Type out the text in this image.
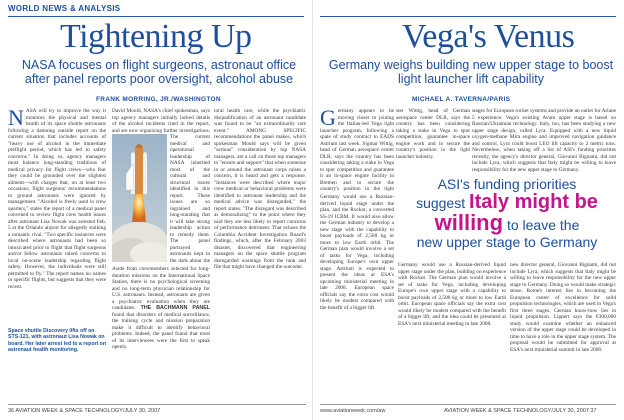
WORLD NEWS & ANALYSIS
Tightening Up
NASA focuses on flight surgeons, astronaut office after panel reports poor oversight, alcohol abuse
FRANK MORRING, JR./WASHINGTON
N ASA will try to improve the way it monitors the physical and mental health of its space shuttle astronauts following a damning outside report on the current situation that includes accounts of "heavy use of alcohol in the immediate preflight period, which has led to safety concerns." In doing so, agency managers must balance long-standing traditions of medical privacy for flight crews—who fear they could be grounded over the slightest ailment—with charges that, on at least two occasions, flight surgeons' recommendations to ground astronauts were ignored by management. "Alcohol is freely used in crew quarters," states the report of a medical panel convened to review flight crew health issues after astronaut Lisa Nowak was arrested Feb. 5 at the Orlando airport for allegedly stalking a romantic rival. "Two specific instances were described where astronauts had been so intoxicated prior to flight that flight surgeons and/or fellow astronauts raised concerns to local on-scene leadership regarding flight safety. However, the individuals were still permitted to fly." The report names no names or specific flights, but suggests that they were recent.
David Mould, NASA's chief spokesman, says top agency managers initially lacked details of the alcohol incidents cited in the report, and are now organizing further investigations.
The current medical and operational leadership of NASA inherited most of the cultural and structural issues identified in this report. These issues are so ingrained and long-standing that it will take strong leadership action to remedy them. The panel portrayed astronauts kept in the dark about the
Aside from crewmembers selected for long-duration missions on the International Space Station, there is no psychological screening and no long-term physician relationship for U.S. astronauts. Instead, astronauts are given a psychiatric evaluation when they are candidates. THE BACHMANN PANEL found that disorders of medical surveillance, the training cycle and mission preparation make it difficult to identify behavioral problems. Indeed, the panel found that most of its interviewees were the first to speak openly.
ioral health care, while the psychiatric disqualification of an astronaut candidate was found to be "an extraordinarily rare event." AMONG SPECIFIC recommendations the panel makes, which spokesman Mould says will be given "serious" consideration by top NASA managers, are a call on those top managers to "ensure and support" that when someone in or around the astronaut corps raises a concern, it is heard and gets a response. "Instances were described where major crew medical or behavioral problems were identified to astronaut leadership and the medical advice was disregarded," the report states. "The disregard was described as demoralizing" to the point where they said they are less likely to report concerns of performance detriment. That echoes the Columbia Accident Investigation Board's findings, which, after the February 2003 disaster, discovered that engineering managers on the space shuttle program disregarded warnings from the rank and file that might have changed the outcome.
Space shuttle Discovery lifts off on STS-121, with astronaut Lisa Nowak on board. Her later arrest led to a report on astronaut health monitoring.
36 AVIATION WEEK & SPACE TECHNOLOGY/JULY 30, 2007
Vega's Venus
Germany weighs building new upper stage to boost light launcher lift capability
MICHAEL A. TAVERNA/PARIS
G ermany appears to be moving closer to joining the Italian-led Vega light launcher program, following a spate of study contract to EADS Astrium last week. Sigmar Wittig, head of German aerospace center DLR, says the country has been considering taking a stake in Vega to spur competition and guarantee it an in-space engine facility in Bremen and to secure the country's position in the light
ster Wittig, head of German aerospace center DLR, says the country has been considering taking a stake in Vega to spur competition, guarantee in-space engine work and to secure the country's position in the light launcher industry.
Germany would use a Russian-derived liquid stage under the plan, and the Rockot, a converted SS-19 ICBM. It would also allow the German industry to develop a new stage with the capability to boost payloads of 2,500 kg or more to low Earth orbit. The German plan would involve a set of tasks for Vega, including developing Europe's own upper stage. Astrium is expected to present the ideas at ESA's upcoming ministerial meeting in late 2008. European space officials say the extra cost would likely be modest compared with the benefit of a bigger lift.
stages for European rocket systems and provide an outlet for Ariane 5 experience. Vega's existing Avum upper stage is based on Russian/Ukrainian technology. Italy, too, has been studying a new upper stage design, called Lyra. Equipped with a new liquid oxygen-methane Mira engine and improved navigation guidance and control, Lyra could boost LEO lift capacity to 2 metric tons. Nevertheless, when taking off a list of ASI's funding priorities recently, the agency's director general, Giovanni Bignami, did not include Lyra, which suggests that Italy might be willing to leave responsibility for the new upper stage to Germany.
ASI's funding priorities
suggest Italy might be
willing to leave the
new upper stage to Germany
Germany would use a Russian-derived liquid upper stage under the plan, building on experience with Rockot. The German plan would involve a set of tasks for Vega, including developing Europe's own upper stage with a capability to boost payloads of 2,500 kg or more to low Earth orbit. European space officials say the extra cost would likely be modest compared with the benefit of a bigger lift, and the idea could be presented at ESA's next ministerial meeting in late 2008.
new director general, Giovanni Bignami, did not include Lyra, which suggests that Italy might be willing to leave responsibility for the new upper stage to Germany. Doing so would make strategic sense. Rome's interest lies in becoming the European center of excellence for solid propulsion technologies, which are used in Vega's first three stages. German know-how lies in liquid propulsion. Lippert says the €300,000 study would examine whether an enhanced version of the upper stage could be developed in time to have a role in the upper stage system. The proposal would be submitted for approval at ESA's next ministerial summit in late 2008.
AVIATION WEEK & SPACE TECHNOLOGY/JULY 30, 2007 37
www.aviationweek.com/aw
